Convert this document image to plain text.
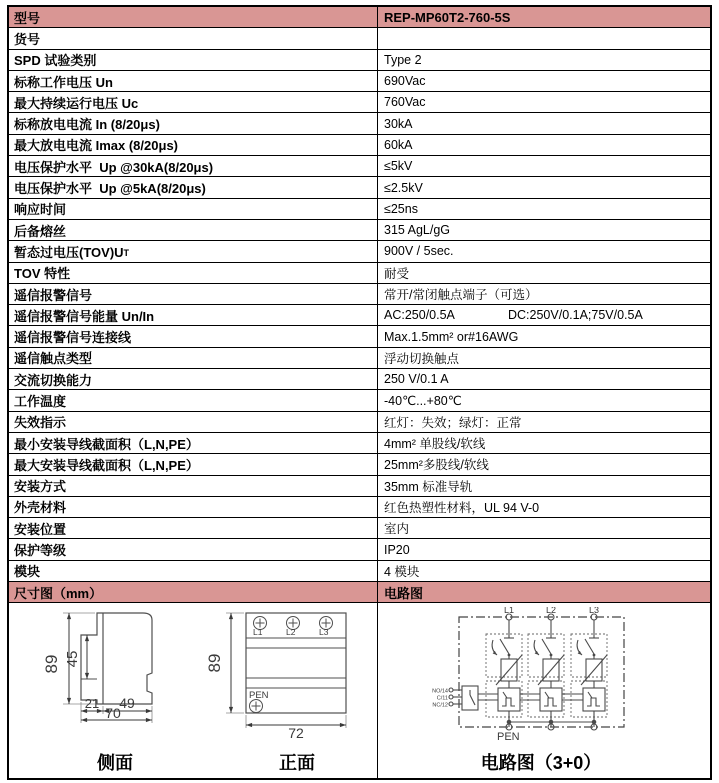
型号	REP-MP60T2-760-5S
货号
SPD 试验类别	Type 2
标称工作电压 Un	690Vac
最大持续运行电压 Uc	760Vac
标称放电电流 In (8/20μs)	30kA
最大放电电流 Imax (8/20μs)	60kA
电压保护水平  Up @30kA(8/20μs)	≤5kV
电压保护水平  Up @5kA(8/20μs)	≤2.5kV
响应时间	≤25ns
后备熔丝	315 AgL/gG
暂态过电压(TOV)U T	900V / 5sec.
TOV 特性	耐受
遥信报警信号	常开/常闭触点端子（可选）
遥信报警信号能量 Un/In	AC:250/0.5A	DC:250V/0.1A;75V/0.5A
遥信报警信号连接线	Max.1.5mm² or#16AWG
遥信触点类型	浮动切换触点
交流切换能力	250 V/0.1 A
工作温度	-40℃...+80℃
失效指示	红灯：失效；绿灯：正常
最小安装导线截面积（L,N,PE）	4mm² 单股线/软线
最大安装导线截面积（L,N,PE）	25mm²多股线/软线
安装方式	35mm 标准导轨
外壳材料	红色热塑性材料，UL 94 V-0
安装位置	室内
保护等级	IP20
模块	4 模块
尺寸图（mm）	电路图
89 45
21 49
70
侧面
L1	L2	L3
PEN
89
72
正面
L1	L2	L3
PEN
NO/14
C/11
NC/12
电路图（3+0）
